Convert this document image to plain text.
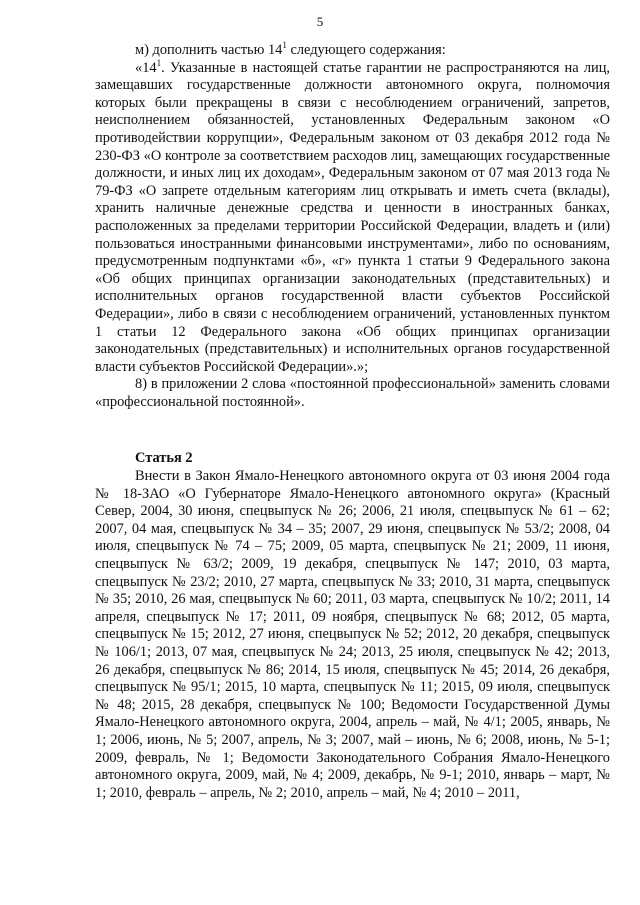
5

м) дополнить частью $14^1$ следующего содержания:

«$14^1$. Указанные в настоящей статье гарантии не распространяются на лиц, замещавших государственные должности автономного округа, полномочия которых были прекращены в связи с несоблюдением ограничений, запретов, неисполнением обязанностей, установленных Федеральным законом «О противодействии коррупции», Федеральным законом от 03 декабря 2012 года № 230-ФЗ «О контроле за соответствием расходов лиц, замещающих государственные должности, и иных лиц их доходам», Федеральным законом от 07 мая 2013 года № 79-ФЗ «О запрете отдельным категориям лиц открывать и иметь счета (вклады), хранить наличные денежные средства и ценности в иностранных банках, расположенных за пределами территории Российской Федерации, владеть и (или) пользоваться иностранными финансовыми инструментами», либо по основаниям, предусмотренным подпунктами «б», «г» пункта 1 статьи 9 Федерального закона «Об общих принципах организации законодательных (представительных) и исполнительных органов государственной власти субъектов Российской Федерации», либо в связи с несоблюдением ограничений, установленных пунктом 1 статьи 12 Федерального закона «Об общих принципах организации законодательных (представительных) и исполнительных органов государственной власти субъектов Российской Федерации».»;

8) в приложении 2 слова «постоянной профессиональной» заменить словами «профессиональной постоянной».

Статья 2

Внести в Закон Ямало-Ненецкого автономного округа от 03 июня 2004 года № 18-ЗАО «О Губернаторе Ямало-Ненецкого автономного округа» (Красный Север, 2004, 30 июня, спецвыпуск № 26; 2006, 21 июля, спецвыпуск № 61 – 62; 2007, 04 мая, спецвыпуск № 34 – 35; 2007, 29 июня, спецвыпуск № 53/2; 2008, 04 июля, спецвыпуск № 74 – 75; 2009, 05 марта, спецвыпуск № 21; 2009, 11 июня, спецвыпуск № 63/2; 2009, 19 декабря, спецвыпуск № 147; 2010, 03 марта, спецвыпуск № 23/2; 2010, 27 марта, спецвыпуск № 33; 2010, 31 марта, спецвыпуск № 35; 2010, 26 мая, спецвыпуск № 60; 2011, 03 марта, спецвыпуск № 10/2; 2011, 14 апреля, спецвыпуск № 17; 2011, 09 ноября, спецвыпуск № 68; 2012, 05 марта, спецвыпуск № 15; 2012, 27 июня, спецвыпуск № 52; 2012, 20 декабря, спецвыпуск № 106/1; 2013, 07 мая, спецвыпуск № 24; 2013, 25 июля, спецвыпуск № 42; 2013, 26 декабря, спецвыпуск № 86; 2014, 15 июля, спецвыпуск № 45; 2014, 26 декабря, спецвыпуск № 95/1; 2015, 10 марта, спецвыпуск № 11; 2015, 09 июля, спецвыпуск № 48; 2015, 28 декабря, спецвыпуск № 100; Ведомости Государственной Думы Ямало-Ненецкого автономного округа, 2004, апрель – май, № 4/1; 2005, январь, № 1; 2006, июнь, № 5; 2007, апрель, № 3; 2007, май – июнь, № 6; 2008, июнь, № 5-1; 2009, февраль, № 1; Ведомости Законодательного Собрания Ямало-Ненецкого автономного округа, 2009, май, № 4; 2009, декабрь, № 9-1; 2010, январь – март, № 1; 2010, февраль – апрель, № 2; 2010, апрель – май, № 4; 2010 – 2011,
